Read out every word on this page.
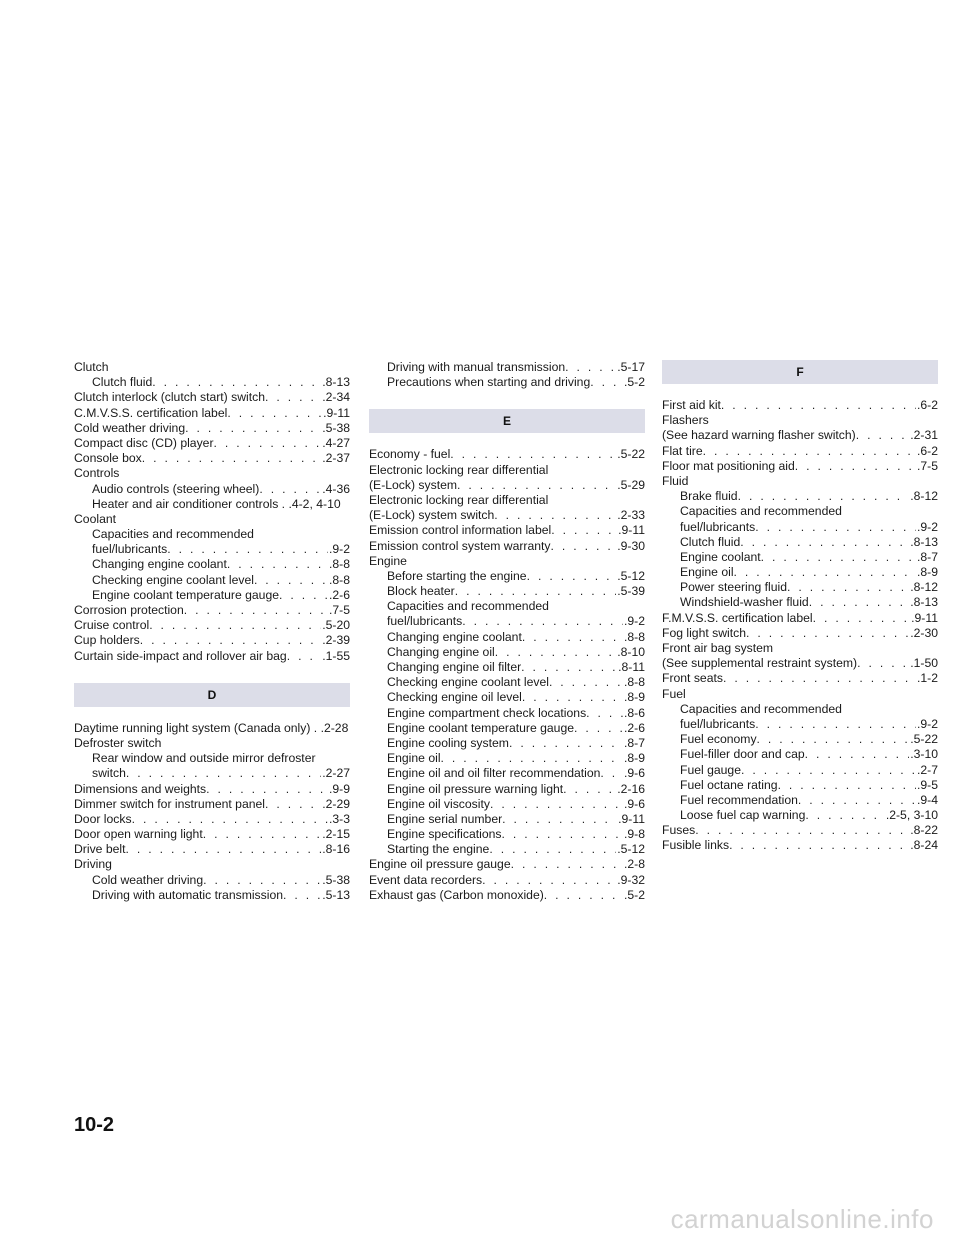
Clutch
Clutch fluid . . .	.8-13
Clutch interlock (clutch start) switch . . .	.2-34
C.M.V.S.S. certification label . . .	.9-11
Cold weather driving . . .	.5-38
Compact disc (CD) player . . .	.4-27
Console box . . .	.2-37
Controls
Audio controls (steering wheel) . . .	.4-36
Heater and air conditioner controls . .4-2, 4-10
Coolant
Capacities and recommended
fuel/lubricants . . .	.9-2
Changing engine coolant . . .	.8-8
Checking engine coolant level . . .	.8-8
Engine coolant temperature gauge . . .	.2-6
Corrosion protection . . .	.7-5
Cruise control . . .	.5-20
Cup holders . . .	.2-39
Curtain side-impact and rollover air bag . . .	.1-55
D
Daytime running light system (Canada only) . .2-28
Defroster switch
Rear window and outside mirror defroster
switch . . .	.2-27
Dimensions and weights . . .	.9-9
Dimmer switch for instrument panel . . .	.2-29
Door locks . . .	.3-3
Door open warning light . . .	.2-15
Drive belt . . .	.8-16
Driving
Cold weather driving . . .	.5-38
Driving with automatic transmission . . .	.5-13
Driving with manual transmission . . .	.5-17
Precautions when starting and driving . . .	.5-2
E
Economy - fuel . . .	.5-22
Electronic locking rear differential
(E-Lock) system . . .	.5-29
Electronic locking rear differential
(E-Lock) system switch . . .	.2-33
Emission control information label . . .	.9-11
Emission control system warranty . . .	.9-30
Engine
Before starting the engine . . .	.5-12
Block heater . . .	.5-39
Capacities and recommended
fuel/lubricants . . .	.9-2
Changing engine coolant . . .	.8-8
Changing engine oil . . .	.8-10
Changing engine oil filter . . .	.8-11
Checking engine coolant level . . .	.8-8
Checking engine oil level . . .	.8-9
Engine compartment check locations . . .	.8-6
Engine coolant temperature gauge . . .	.2-6
Engine cooling system . . .	.8-7
Engine oil . . .	.8-9
Engine oil and oil filter recommendation . . . .9-6
Engine oil pressure warning light . . .	.2-16
Engine oil viscosity . . .	.9-6
Engine serial number . . .	.9-11
Engine specifications . . .	.9-8
Starting the engine . . .	.5-12
Engine oil pressure gauge . . .	.2-8
Event data recorders . . .	.9-32
Exhaust gas (Carbon monoxide) . . .	.5-2
F
First aid kit . . .	.6-2
Flashers
(See hazard warning flasher switch) . . .	.2-31
Flat tire . . .	.6-2
Floor mat positioning aid . . .	.7-5
Fluid
Brake fluid . . .	.8-12
Capacities and recommended
fuel/lubricants . . .	.9-2
Clutch fluid . . .	.8-13
Engine coolant . . .	.8-7
Engine oil . . .	.8-9
Power steering fluid . . .	.8-12
Windshield-washer fluid . . .	.8-13
F.M.V.S.S. certification label . . .	.9-11
Fog light switch . . .	.2-30
Front air bag system
(See supplemental restraint system) . . .	.1-50
Front seats . . .	.1-2
Fuel
Capacities and recommended
fuel/lubricants . . .	.9-2
Fuel economy . . .	.5-22
Fuel-filler door and cap . . .	.3-10
Fuel gauge . . .	.2-7
Fuel octane rating . . .	.9-5
Fuel recommendation . . .	.9-4
Loose fuel cap warning . . .	.2-5, 3-10
Fuses . . .	.8-22
Fusible links . . .	.8-24
10-2
carmanualsonline.info
